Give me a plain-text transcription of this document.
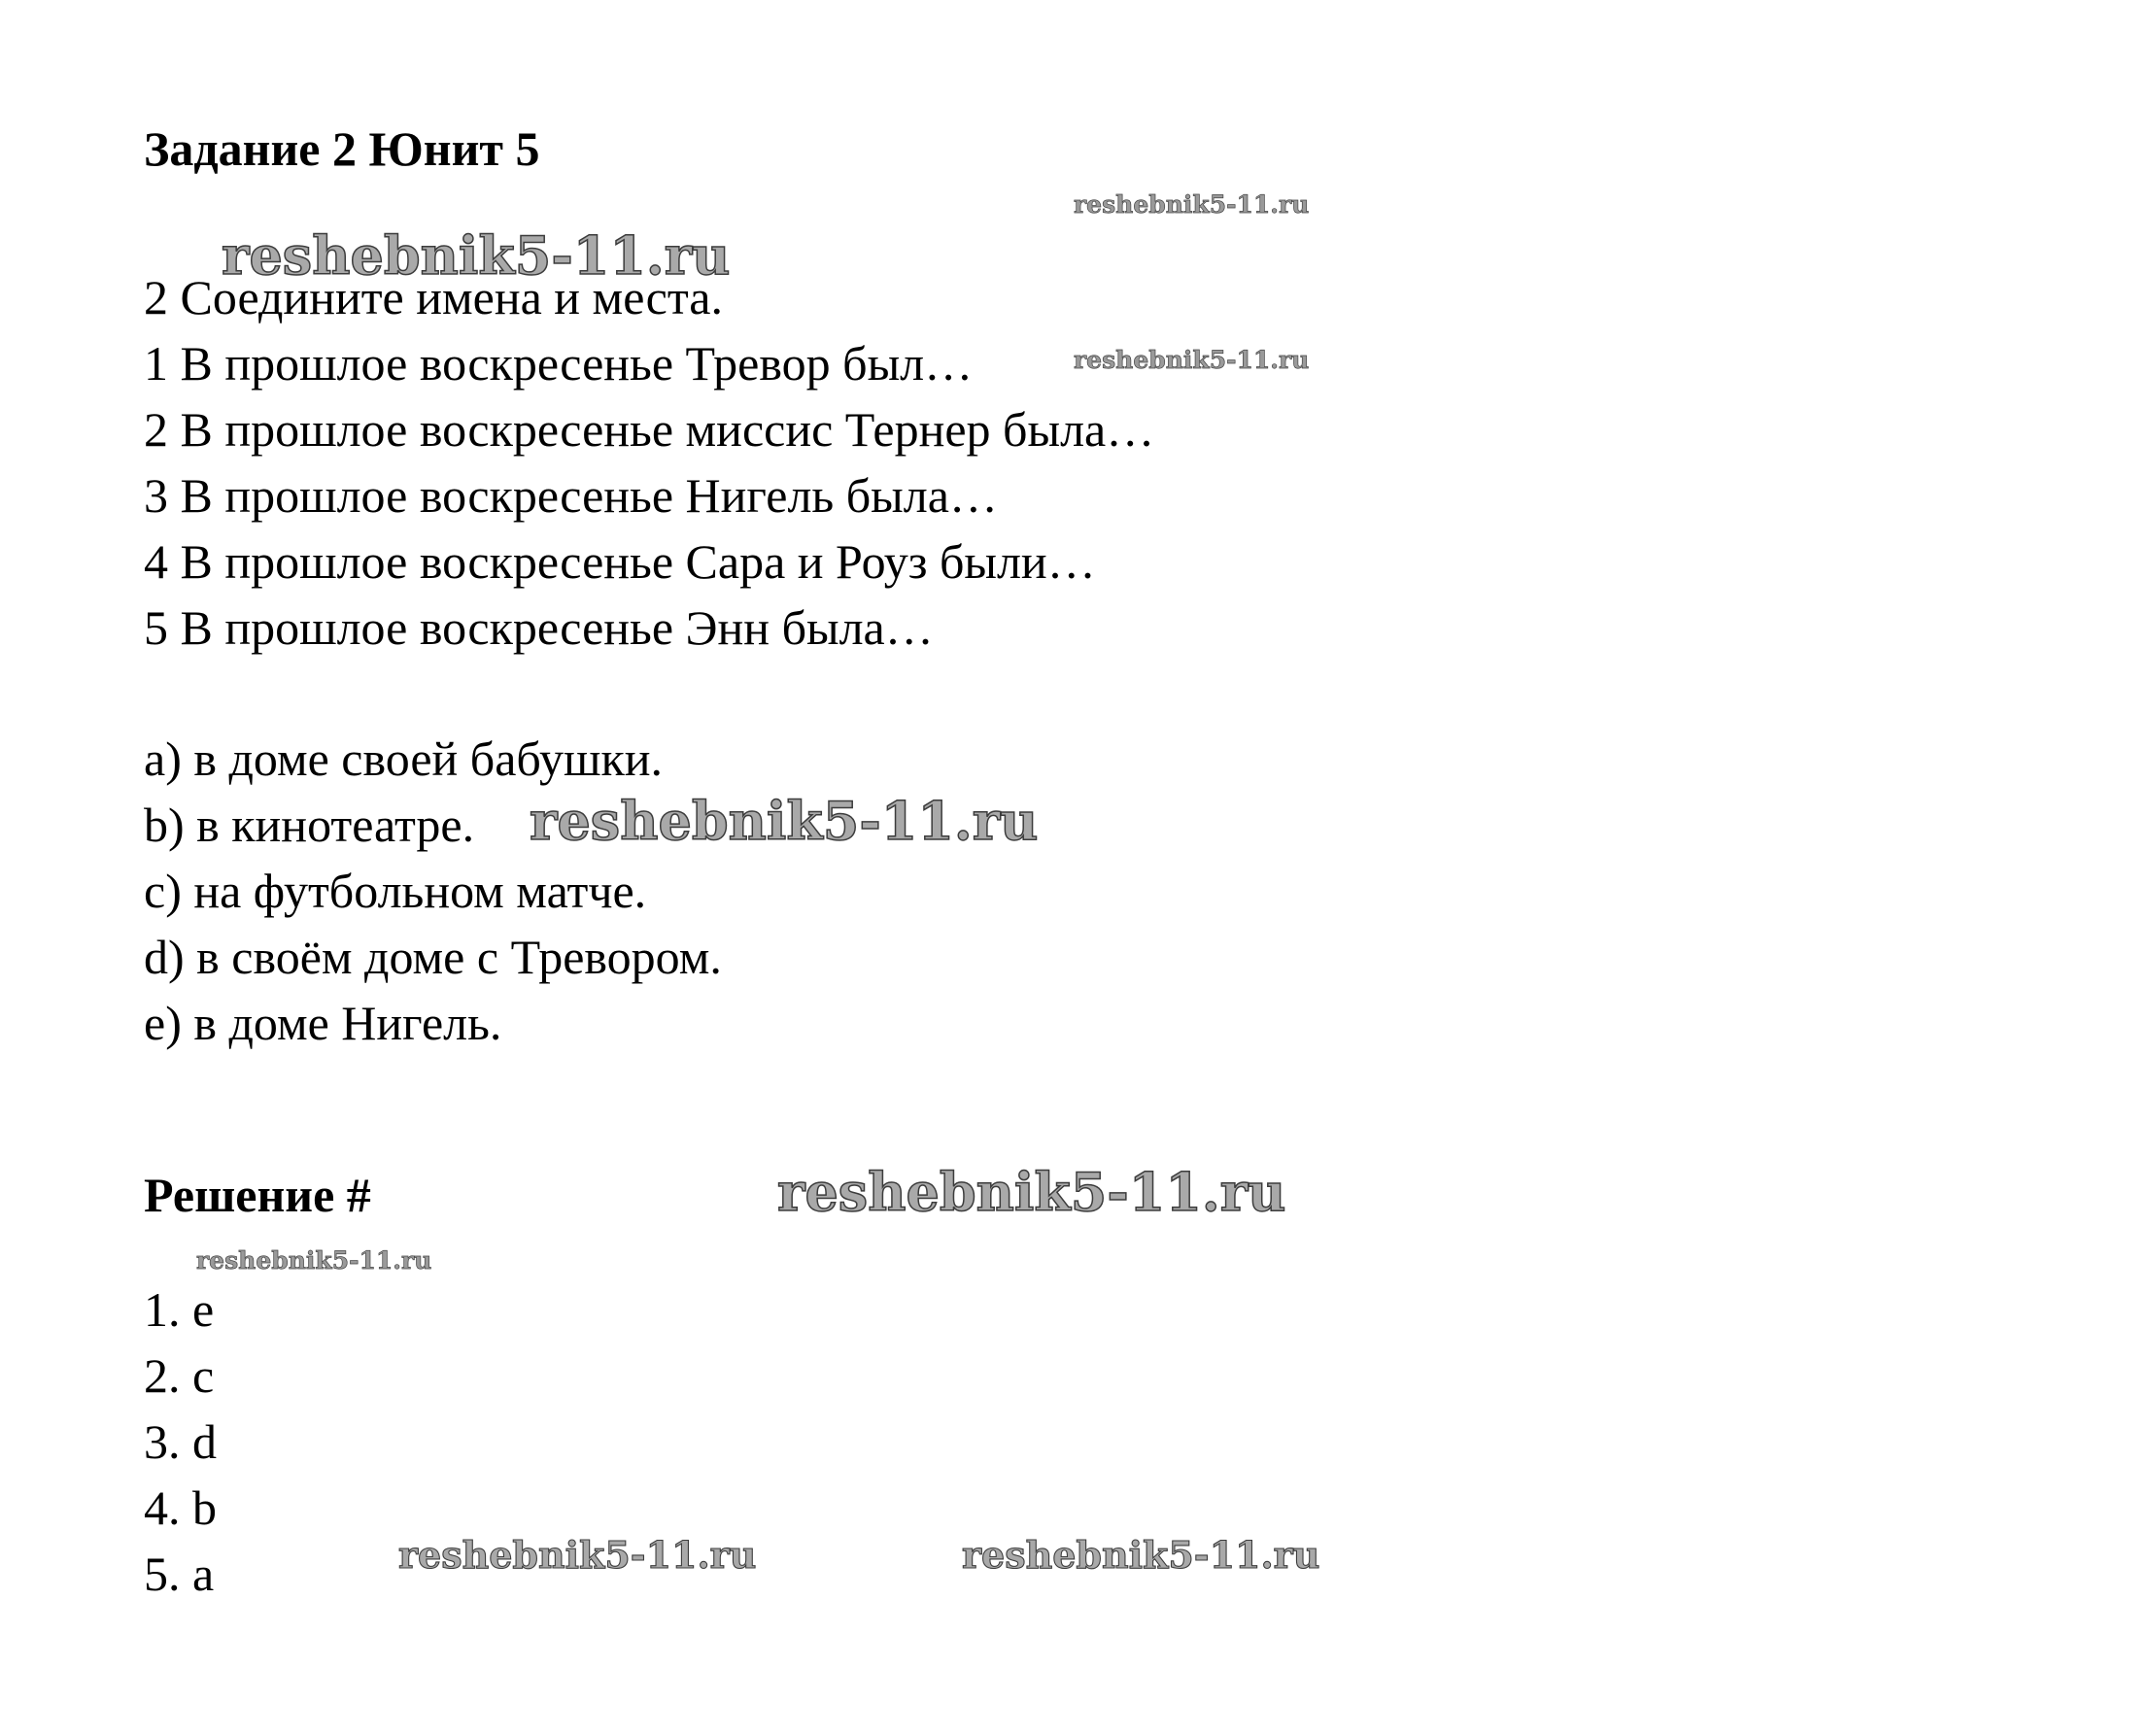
Задание 2 Юнит 5
2 Соедините имена и места.
1 В прошлое воскресенье Тревор был…
2 В прошлое воскресенье миссис Тернер была…
3 В прошлое воскресенье Нигель была…
4 В прошлое воскресенье Сара и Роуз были…
5 В прошлое воскресенье Энн была…
a) в доме своей бабушки.
b) в кинотеатре.
c) на футбольном матче.
d) в своём доме с Тревором.
e) в доме Нигель.
Решение #
1. e
2. c
3. d
4. b
5. a
reshebnik5-11.ru
reshebnik5-11.ru
reshebnik5-11.ru
reshebnik5-11.ru
reshebnik5-11.ru
reshebnik5-11.ru
reshebnik5-11.ru	reshebnik5-11.ru
